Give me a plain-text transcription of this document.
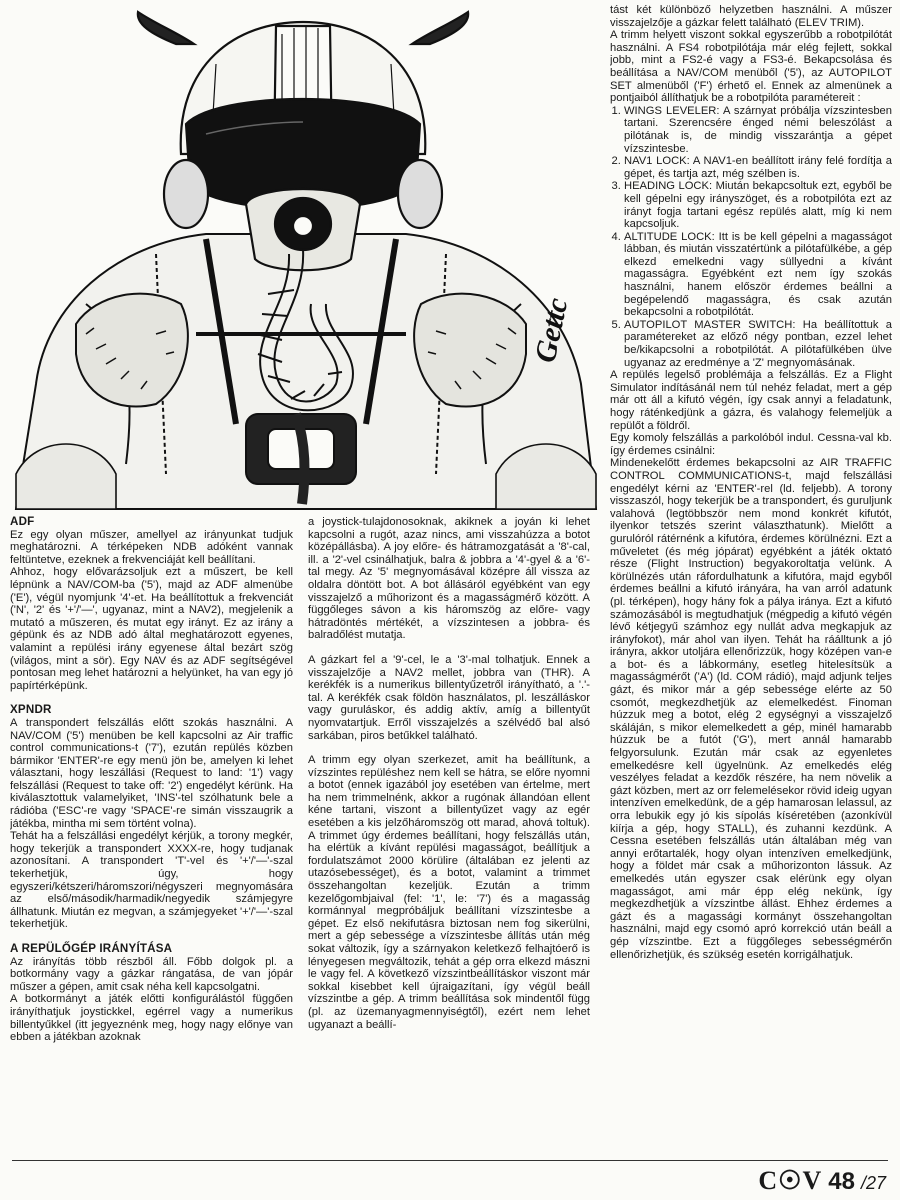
Gettc
ADF

Ez egy olyan műszer, amellyel az irányunkat tudjuk meghatározni. A térképeken NDB adóként vannak feltüntetve, ezeknek a frekvenciáját kell beállítani.

Ahhoz, hogy elővarázsoljuk ezt a műszert, be kell lépnünk a NAV/COM-ba ('5'), majd az ADF almenübe ('E'), végül nyomjunk '4'-et. Ha beállítottuk a frekvenciát ('N', '2' és '+'/'—', ugyanaz, mint a NAV2), megjelenik a mutató a műszeren, és mutat egy irányt. Ez az irány a gépünk és az NDB adó által meghatározott egyenes, valamint a repülési irány egyenese által bezárt szög (világos, mint a sör). Egy NAV és az ADF segítségével pontosan meg lehet határozni a helyünket, ha van egy jó papírtérképünk.

XPNDR

A transpondert felszállás előtt szokás használni. A NAV/COM ('5') menüben be kell kapcsolni az Air traffic control communications-t ('7'), ezután repülés közben bármikor 'ENTER'-re egy menü jön be, amelyen ki lehet választani, hogy leszállási (Request to land: '1') vagy felszállási (Request to take off: '2') engedélyt kérünk. Ha kiválasztottuk valamelyiket, 'INS'-tel szólhatunk bele a rádióba ('ESC'-re vagy 'SPACE'-re simán visszaugrik a játékba, mintha mi sem történt volna).

Tehát ha a felszállási engedélyt kérjük, a torony megkér, hogy tekerjük a transpondert XXXX-re, hogy tudjanak azonosítani. A transpondert 'T'-vel és '+'/'—'-szal tekerhetjük, úgy, hogy egyszeri/kétszeri/háromszori/négyszeri megnyomására az első/második/harmadik/negyedik számjegyre állhatunk. Miután ez megvan, a számjegyeket '+'/'—'-szal tekerhetjük.

A REPÜLŐGÉP IRÁNYÍTÁSA

Az irányítás több részből áll. Főbb dolgok pl. a botkormány vagy a gázkar rángatása, de van jópár műszer a gépen, amit csak néha kell kapcsolgatni.

A botkormányt a játék előtti konfigurálástól függően irányíthatjuk joystickkel, egérrel vagy a numerikus billentyűkkel (itt jegyeznénk meg, hogy nagy előnye van ebben a játékban azoknak

a joystick-tulajdonosoknak, akiknek a joyán ki lehet kapcsolni a rugót, azaz nincs, ami visszahúzza a botot középállásba). A joy előre- és hátramozgatását a '8'-cal, ill. a '2'-vel csinálhatjuk, balra & jobbra a '4'-gyel & a '6'-tal megy. Az '5' megnyomásával középre áll vissza az oldalra döntött bot. A bot állásáról egyébként van egy visszajelző a műhorizont és a magasságmérő között. A függőleges sávon a kis háromszög az előre- vagy hátradöntés mértékét, a vízszintesen a jobbra- és balradőlést mutatja.

A gázkart fel a '9'-cel, le a '3'-mal tolhatjuk. Ennek a visszajelzője a NAV2 mellet, jobbra van (THR). A kerékfék is a numerikus billentyűzetről irányítható, a '.'-tal. A kerékfék csak földön használatos, pl. leszálláskor vagy guruláskor, és addig aktív, amíg a billentyűt nyomvatartjuk. Erről visszajelzés a szélvédő bal alsó sarkában, piros betűkkel található.

A trimm egy olyan szerkezet, amit ha beállítunk, a vízszintes repüléshez nem kell se hátra, se előre nyomni a botot (ennek igazából joy esetében van értelme, mert ha nem trimmelnénk, akkor a rugónak állandóan ellent kéne tartani, viszont a billentyűzet vagy az egér esetében a kis jelzőháromszög ott marad, ahová toltuk). A trimmet úgy érdemes beállítani, hogy felszállás után, ha elértük a kívánt repülési magasságot, beállítjuk a fordulatszámot 2000 körülire (általában ez jelenti az utazósebességet), és a botot, valamint a trimmet összehangoltan kezeljük. Ezután a trimm kezelőgombjaival (fel: '1', le: '7') és a magasság kormánnyal megpróbáljuk beállítani vízszintesbe a gépet. Ez első nekifutásra biztosan nem fog sikerülni, mert a gép sebessége a vízszintesbe állítás után még sokat változik, így a szárnyakon keletkező felhajtóerő is lényegesen megváltozik, tehát a gép orra elkezd mászni le vagy fel. A következő vízszintbeállításkor viszont már sokkal kisebbet kell újraigazítani, így végül beáll vízszintbe a gép. A trimm beállítása sok mindentől függ (pl. az üzemanyagmennyiségtől), ezért nem lehet ugyanazt a beállí-

tást két különböző helyzetben használni. A műszer visszajelzője a gázkar felett található (ELEV TRIM).

A trimm helyett viszont sokkal egyszerűbb a robotpilótát használni. A FS4 robotpilótája már elég fejlett, sokkal jobb, mint a FS2-é vagy a FS3-é. Bekapcsolása és beállítása a NAV/COM menüből ('5'), az AUTOPILOT SET almenüből ('F') érhető el. Ennek az almenünek a pontjaiból állíthatjuk be a robotpilóta paramétereit :

1. WINGS LEVELER: A szárnyat próbálja vízszintesben tartani. Szerencsére énged némi beleszólást a pilótának is, de mindig visszarántja a gépet vízszintesbe.
2. NAV1 LOCK: A NAV1-en beállított irány felé fordítja a gépet, és tartja azt, még szélben is.
3. HEADING LOCK: Miután bekapcsoltuk ezt, egyből be kell gépelni egy irányszöget, és a robotpilóta ezt az irányt fogja tartani egész repülés alatt, míg ki nem kapcsoljuk.
4. ALTITUDE LOCK: Itt is be kell gépelni a magasságot lábban, és miután visszatértünk a pilótafülkébe, a gép elkezd emelkedni vagy süllyedni a kívánt magasságra. Egyébként ezt nem így szokás használni, hanem először érdemes beállni a begépelendő magasságra, és csak azután bekapcsolni a robotpilótát.
5. AUTOPILOT MASTER SWITCH: Ha beállítottuk a paramétereket az előző négy pontban, ezzel lehet be/kikapcsolni a robotpilótát. A pilótafülkében ülve ugyanaz az eredménye a 'Z' megnyomásának.

A repülés legelső problémája a felszállás. Ez a Flight Simulator indításánál nem túl nehéz feladat, mert a gép már ott áll a kifutó végén, így csak annyi a feladatunk, hogy ráténkedjünk a gázra, és valahogy felemeljük a repülőt a földről.

Egy komoly felszállás a parkolóból indul. Cessna-val kb. így érdemes csinálni:

Mindenekelőtt érdemes bekapcsolni az AIR TRAFFIC CONTROL COMMUNICATIONS-t, majd felszállási engedélyt kérni az 'ENTER'-rel (ld. feljebb). A torony visszaszól, hogy tekerjük be a transpondert, és guruljunk valahová (legtöbbször nem mond konkrét kifutót, ilyenkor tetszés szerint választhatunk). Mielőtt a gurulóról rátérnénk a kifutóra, érdemes körülnézni. Ezt a műveletet (és még jópárat) egyébként a játék oktató része (Flight Instruction) begyakoroltatja velünk. A körülnézés után ráfordulhatunk a kifutóra, majd egyből érdemes beállni a kifutó irányára, ha van arról adatunk (pl. térképen), hogy hány fok a pálya iránya. Ezt a kifutó számozásából is megtudhatjuk (mégpedig a kifutó végén lévő kétjegyű számhoz egy nullát adva megkapjuk az irányfokot), már ahol van ilyen. Tehát ha ráálltunk a jó irányra, akkor utoljára ellenőrizzük, hogy középen van-e a bot- és a lábkormány, esetleg hitelesítsük a magasságmérőt ('A') (ld. COM rádió), majd adjunk teljes gázt, és mikor már a gép sebessége elérte az 50 csomót, megkezdhetjük az elemelkedést. Finoman húzzuk meg a botot, elég 2 egységnyi a visszajelző skáláján, s mikor elemelkedett a gép, minél hamarabb húzzuk be a futót ('G'), mert annál hamarabb felgyorsulunk. Ezután már csak az egyenletes emelkedésre kell ügyelnünk. Az emelkedés elég veszélyes feladat a kezdők részére, ha nem növelik a gázt közben, mert az orr felemelésekor rövid ideig ugyan intenzíven emelkedünk, de a gép hamarosan lelassul, az orra lebukik egy jó kis sípolás kíséretében (azonkívül kiírja a gép, hogy STALL), és zuhanni kezdünk. A Cessna esetében felszállás után általában még van annyi erőtartalék, hogy olyan intenzíven emelkedjünk, hogy a földet már csak a műhorizonton lássuk. Az emelkedés után egyszer csak elérünk egy olyan magasságot, ami már épp elég nekünk, így megkezdhetjük a vízszintbe állást. Ehhez érdemes a gázt és a magassági kormányt összehangoltan használni, majd egy csomó apró korrekció után beáll a gép vízszintbe. Ezt a függőleges sebességmérőn ellenőrizhetjük, és szükség esetén korrigálhatjuk.

C☉V 48 /27
